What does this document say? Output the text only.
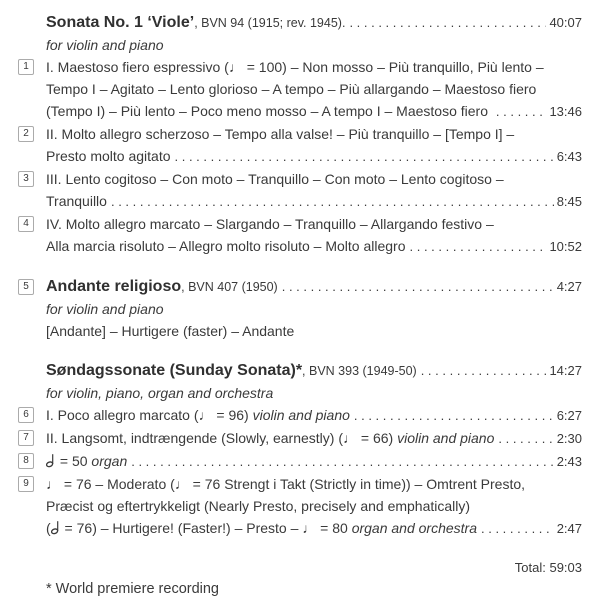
Sonata No. 1 ‘Viole’ , BVN 94 (1915; rev. 1945). . . .	40:07
for violin and piano
1	I. Maestoso fiero espressivo (♩ = 100) – Non mosso – Più tranquillo, Più lento –
Tempo I – Agitato – Lento glorioso – A tempo – Più allargando – Maestoso fiero
(Tempo I) – Più lento – Poco meno mosso – A tempo I – Maestoso fiero . . .	13:46
2	II. Molto allegro scherzoso – Tempo alla valse! – Più tranquillo – [Tempo I] –
Presto molto agitato . . .	6:43
3	III. Lento cogitoso – Con moto – Tranquillo – Con moto – Lento cogitoso –
Tranquillo . . .	8:45
4	IV. Molto allegro marcato – Slargando – Tranquillo – Allargando festivo –
Alla marcia risoluto – Allegro molto risoluto – Molto allegro . . .	10:52
5	Andante religioso , BVN 407 (1950) . . .	4:27
for violin and piano
[Andante] – Hurtigere (faster) – Andante
Søndagssonate (Sunday Sonata)* , BVN 393 (1949-50) . . .	14:27
for violin, piano, organ and orchestra
6	I. Poco allegro marcato (♩ = 96) violin and piano . . .	6:27
7	II. Langsomt, indtrængende (Slowly, earnestly) (♩ = 66) violin and piano . . .	2:30
8	= 50 organ . . .	2:43
9	♩ = 76 – Moderato (♩ = 76 Strengt i Takt (Strictly in time)) – Omtrent Presto,
Præcist og eftertrykkeligt (Nearly Presto, precisely and emphatically)
( = 76) – Hurtigere! (Faster!) – Presto – ♩ = 80 organ and orchestra . . .	2:47
Total: 59:03
* World premiere recording
